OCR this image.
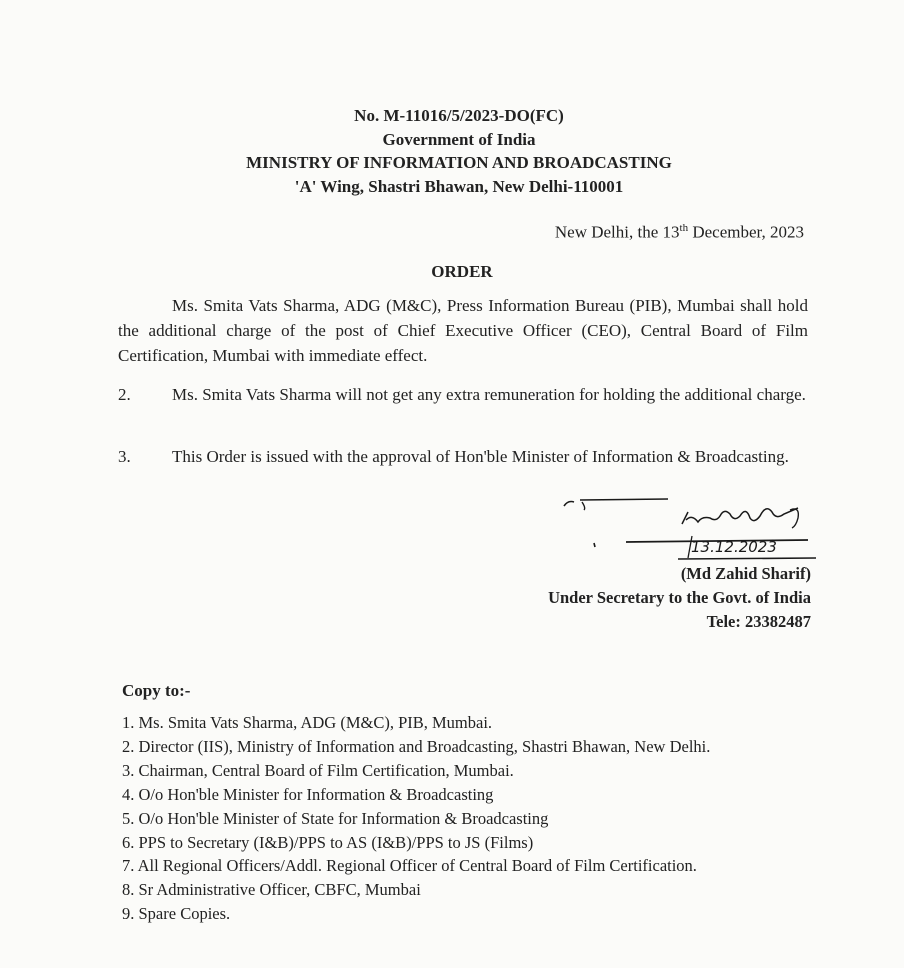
No. M-11016/5/2023-DO(FC)
Government of India
MINISTRY OF INFORMATION AND BROADCASTING
'A' Wing, Shastri Bhawan, New Delhi-110001
New Delhi, the 13th December, 2023
ORDER
Ms. Smita Vats Sharma, ADG (M&C), Press Information Bureau (PIB), Mumbai shall hold the additional charge of the post of Chief Executive Officer (CEO), Central Board of Film Certification, Mumbai with immediate effect.
2. Ms. Smita Vats Sharma will not get any extra remuneration for holding the additional charge.
3. This Order is issued with the approval of Hon'ble Minister of Information & Broadcasting.
13.12.2023
(Md Zahid Sharif)
Under Secretary to the Govt. of India
Tele: 23382487
Copy to:-
1. Ms. Smita Vats Sharma, ADG (M&C), PIB, Mumbai.
2. Director (IIS), Ministry of Information and Broadcasting, Shastri Bhawan, New Delhi.
3. Chairman, Central Board of Film Certification, Mumbai.
4. O/o Hon'ble Minister for Information & Broadcasting
5. O/o Hon'ble Minister of State for Information & Broadcasting
6. PPS to Secretary (I&B)/PPS to AS (I&B)/PPS to JS (Films)
7. All Regional Officers/Addl. Regional Officer of Central Board of Film Certification.
8. Sr Administrative Officer, CBFC, Mumbai
9. Spare Copies.
